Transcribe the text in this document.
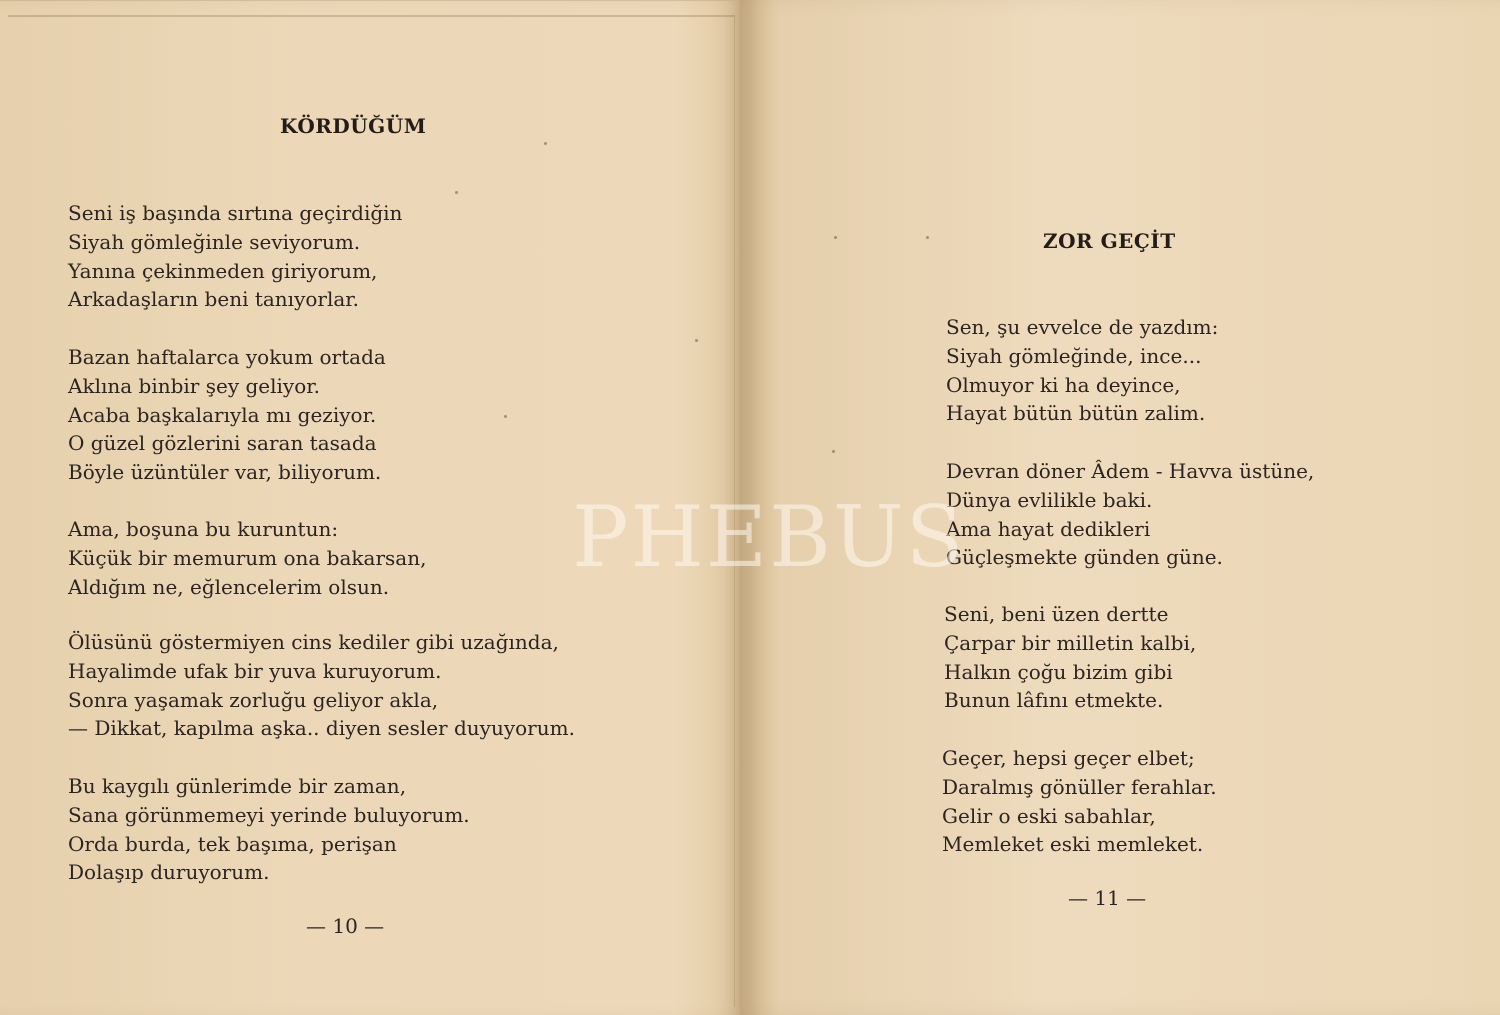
KÖRDÜĞÜM
Seni iş başında sırtına geçirdiğin
Siyah gömleğinle seviyorum.
Yanına çekinmeden giriyorum,
Arkadaşların beni tanıyorlar.
Bazan haftalarca yokum ortada
Aklına binbir şey geliyor.
Acaba başkalarıyla mı geziyor.
O güzel gözlerini saran tasada
Böyle üzüntüler var, biliyorum.
Ama, boşuna bu kuruntun:
Küçük bir memurum ona bakarsan,
Aldığım ne, eğlencelerim olsun.
Ölüsünü göstermiyen cins kediler gibi uzağında,
Hayalimde ufak bir yuva kuruyorum.
Sonra yaşamak zorluğu geliyor akla,
— Dikkat, kapılma aşka.. diyen sesler duyuyorum.
Bu kaygılı günlerimde bir zaman,
Sana görünmemeyi yerinde buluyorum.
Orda burda, tek başıma, perişan
Dolaşıp duruyorum.
— 10 —
ZOR GEÇİT
Sen, şu evvelce de yazdım:
Siyah gömleğinde, ince...
Olmuyor ki ha deyince,
Hayat bütün bütün zalim.
Devran döner Âdem - Havva üstüne,
Dünya evlilikle baki.
Ama hayat dedikleri
Güçleşmekte günden güne.
Seni, beni üzen dertte
Çarpar bir milletin kalbi,
Halkın çoğu bizim gibi
Bunun lâfını etmekte.
Geçer, hepsi geçer elbet;
Daralmış gönüller ferahlar.
Gelir o eski sabahlar,
Memleket eski memleket.
— 11 —
PHEBUS
